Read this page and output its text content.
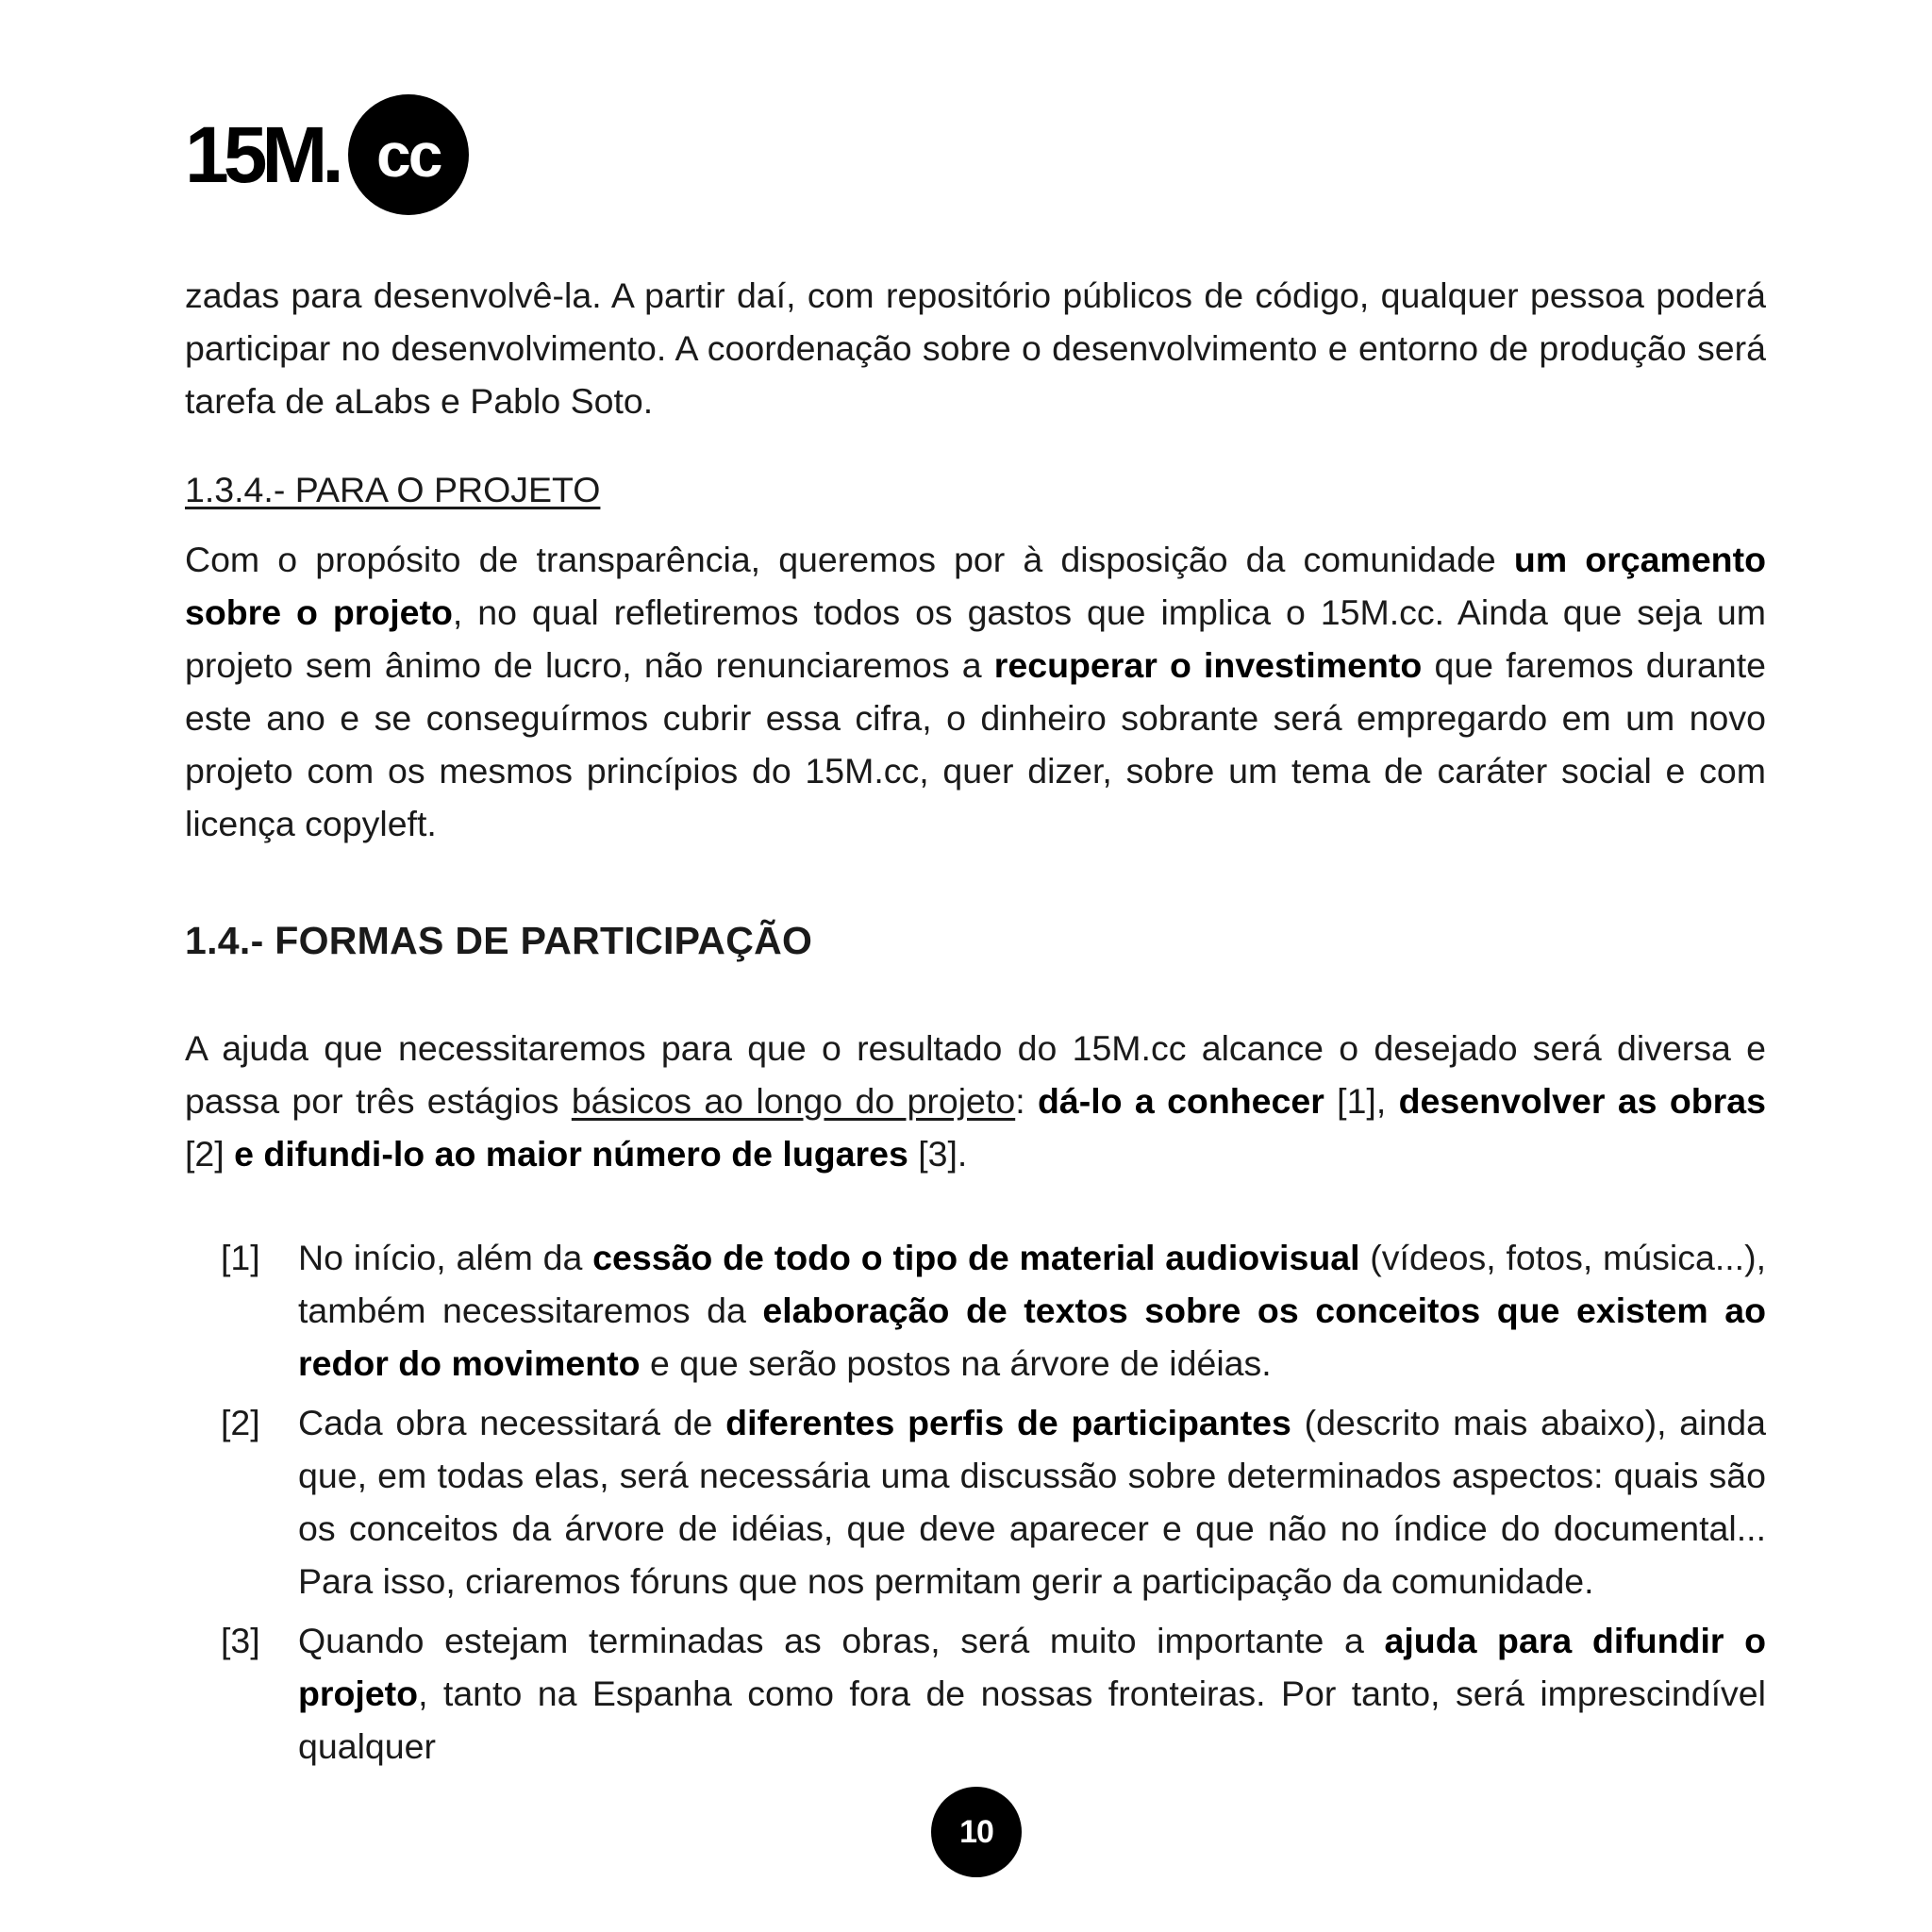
15M. cc

zadas para desenvolvê-la. A partir daí, com repositório públicos de código, qualquer pessoa poderá participar no desenvolvimento. A coordenação sobre o desenvolvimento e entorno de produção será tarefa de aLabs e Pablo Soto.

1.3.4.- PARA O PROJETO

Com o propósito de transparência, queremos por à disposição da comunidade um orçamento sobre o projeto, no qual refletiremos todos os gastos que implica o 15M.cc. Ainda que seja um projeto sem ânimo de lucro, não renunciaremos a recuperar o investimento que faremos durante este ano e se conseguírmos cubrir essa cifra, o dinheiro sobrante será empregardo em um novo projeto com os mesmos princípios do 15M.cc, quer dizer, sobre um tema de caráter social e com licença copyleft.

1.4.- FORMAS DE PARTICIPAÇÃO

A ajuda que necessitaremos para que o resultado do 15M.cc alcance o desejado será diversa e passa por três estágios básicos ao longo do projeto: dá-lo a conhecer [1], desenvolver as obras [2] e difundi-lo ao maior número de lugares [3].

[1] No início, além da cessão de todo o tipo de material audiovisual (vídeos, fotos, música...), também necessitaremos da elaboração de textos sobre os conceitos que existem ao redor do movimento e que serão postos na árvore de idéias.
[2] Cada obra necessitará de diferentes perfis de participantes (descrito mais abaixo), ainda que, em todas elas, será necessária uma discussão sobre determinados aspectos: quais são os conceitos da árvore de idéias, que deve aparecer e que não no índice do documental... Para isso, criaremos fóruns que nos permitam gerir a participação da comunidade.
[3] Quando estejam terminadas as obras, será muito importante a ajuda para difundir o projeto, tanto na Espanha como fora de nossas fronteiras. Por tanto, será imprescindível qualquer
10
